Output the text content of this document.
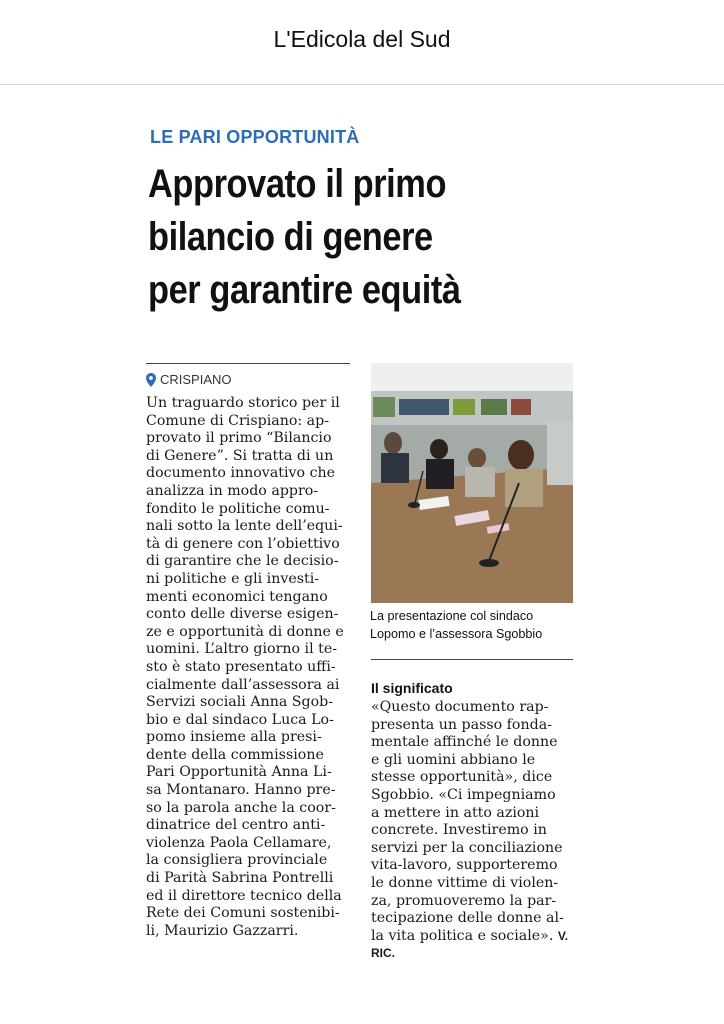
L'Edicola del Sud
LE PARI OPPORTUNITÀ
Approvato il primo
bilancio di genere
per garantire equità
CRISPIANO
Un traguardo storico per il
Comune di Crispiano: ap-
provato il primo “Bilancio
di Genere”. Si tratta di un
documento innovativo che
analizza in modo appro-
fondito le politiche comu-
nali sotto la lente dell’equi-
tà di genere con l’obiettivo
di garantire che le decisio-
ni politiche e gli investi-
menti economici tengano
conto delle diverse esigen-
ze e opportunità di donne e
uomini. L’altro giorno il te-
sto è stato presentato uffi-
cialmente dall’assessora ai
Servizi sociali Anna Sgob-
bio e dal sindaco Luca Lo-
pomo insieme alla presi-
dente della commissione
Pari Opportunità Anna Li-
sa Montanaro. Hanno pre-
so la parola anche la coor-
dinatrice del centro anti-
violenza Paola Cellamare,
la consigliera provinciale
di Parità Sabrina Pontrelli
ed il direttore tecnico della
Rete dei Comuni sostenibi-
li, Maurizio Gazzarri.
La presentazione col sindaco
Lopomo e l’assessora Sgobbio
Il significato
«Questo documento rap-
presenta un passo fonda-
mentale affinché le donne
e gli uomini abbiano le
stesse opportunità», dice
Sgobbio. «Ci impegniamo
a mettere in atto azioni
concrete. Investiremo in
servizi per la conciliazione
vita-lavoro, supporteremo
le donne vittime di violen-
za, promuoveremo la par-
tecipazione delle donne al-
la vita politica e sociale». V.
RIC.
